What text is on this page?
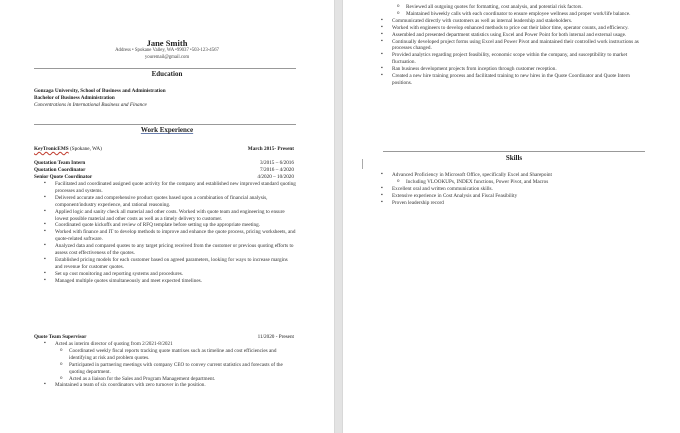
Jane Smith
Address • Spokane Valley, WA •99037 •503-123-4567
youremail@gmail.com
Education
Gonzaga University, School of Business and Administration
Bachelor of Business Administration
Concentrations in International Business and Finance
Work Experience
KeyTronicEMS (Spokane, WA)	March 2015- Present
Quotation Team Intern	3/2015 – 6/2016
Quotation Coordinator	7/2016 – 4/2020
Senior Quote Coordinator	4/2020 – 10/2020
▪ Facilitated and coordinated assigned quote activity for the company and established new improved standard quoting processes and systems.
▪ Delivered accurate and comprehensive product quotes based upon a combination of financial analysis, component/industry experience, and rational reasoning.
▪ Applied logic and sanity check all material and other costs. Worked with quote team and engineering to ensure lowest possible material and other costs as well as a timely delivery to customer.
▪ Coordinated quote kickoffs and review of RFQ template before setting up the appropriate meeting.
▪ Worked with finance and IT to develop methods to improve and enhance the quote process, pricing worksheets, and quote-related software.
▪ Analyzed data and compared quotes to any target pricing received from the customer or previous quoting efforts to assess cost effectiveness of the quotes.
▪ Established pricing models for each customer based on agreed parameters, looking for ways to increase margins and revenue for customer quotes.
▪ Set up cost monitoring and reporting systems and procedures.
▪ Managed multiple quotes simultaneously and meet expected timelines.
Quote Team Supervisor	11/2020 - Present
▪ Acted as interim director of quoting from 2/2021-8/2021
o Coordinated weekly fiscal reports tracking quote matrixes such as timeline and cost efficiencies and identifying at risk and problem quotes.
o Participated in partnering meetings with company CEO to convey current statistics and forecasts of the quoting department.
o Acted as a liaison for the Sales and Program Management department.
▪ Maintained a team of six coordinators with zero turnover in the position.
o Reviewed all outgoing quotes for formatting, cost analysis, and potential risk factors.
o Maintained biweekly calls with each coordinator to ensure employee wellness and proper work/life balance.
▪ Communicated directly with customers as well as internal leadership and stakeholders.
▪ Worked with engineers to develop enhanced methods to price out their labor time, operator counts, and efficiency.
▪ Assembled and presented department statistics using Excel and Power Point for both internal and external usage.
▪ Continually developed project forms using Excel and Power Pivot and maintained their controlled work instructions as processes changed.
▪ Provided analytics regarding project feasibility, economic scope within the company, and susceptibility to market fluctuation.
▪ Ran business development projects from inception through customer reception.
▪ Created a new hire training process and facilitated training to new hires in the Quote Coordinator and Quote Intern positions.
Skills
▪ Advanced Proficiency in Microsoft Office, specifically Excel and Sharepoint
o Including VLOOKUPs, INDEX functions, Power Pivot, and Macros
▪ Excellent oral and written communication skills.
▪ Extensive experience in Cost Analysis and Fiscal Feasibility
▪ Proven leadership record
